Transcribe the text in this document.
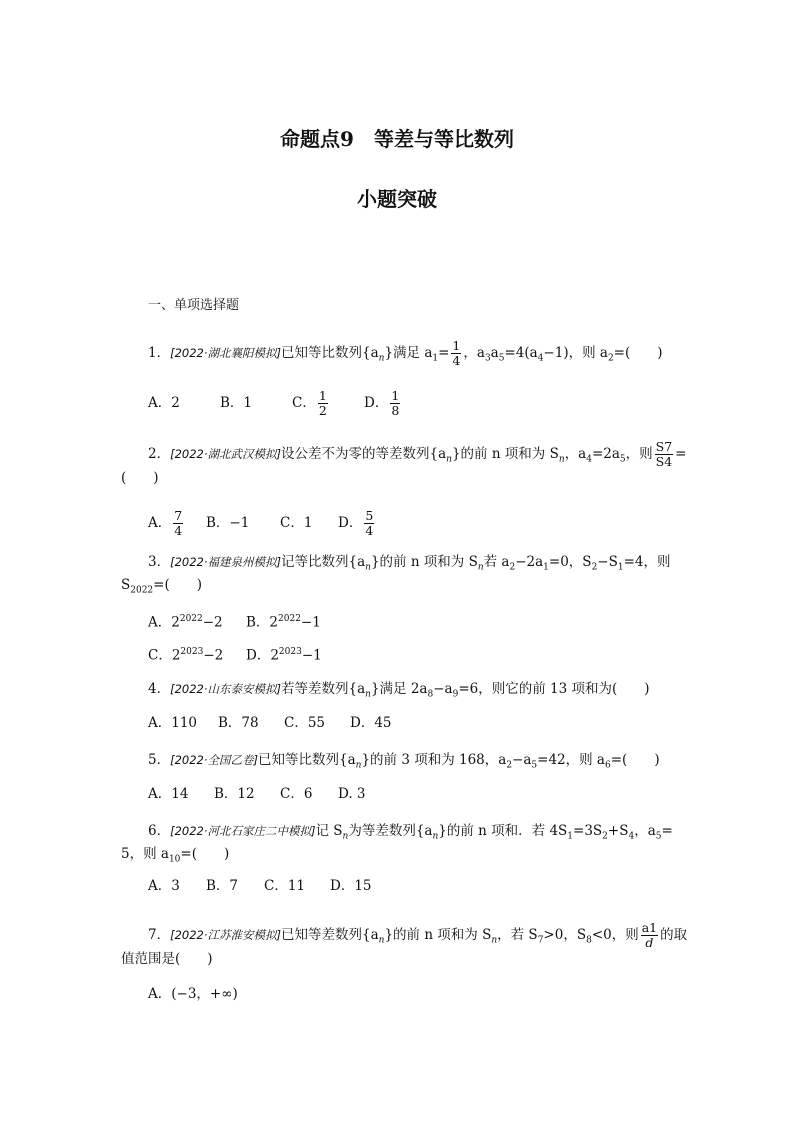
命题点9　等差与等比数列
小题突破
一、单项选择题
1．[2022·湖北襄阳模拟]已知等比数列$\{a_n\}$满足 $a_1= \frac{1}{4}$ ，$a_3a_5=4(a_4-1)$，则 $a_2=$(　　)
A．2	B．1	C． $\frac{1}{2}$	D． $\frac{1}{8}$
2．[2022·湖北武汉模拟]设公差不为零的等差数列$\{a_n\}$的前 n 项和为 $S_n$，$a_4=2a_5$，则 $\frac{S7}{S4}$ =
(　　)
A． $\frac{7}{4}$ B．−1 C．1 D． $\frac{5}{4}$
3．[2022·福建泉州模拟]记等比数列$\{a_n\}$的前 n 项和为 $S_n$若 $a_2-2a_1=0$，$S_2-S_1=4$，则
$S_{2022}=$(　　)
A．$2^{2022}-2$ B．$2^{2022}-1$
C．$2^{2023}-2$ D．$2^{2023}-1$
4．[2022·山东泰安模拟]若等差数列$\{a_n\}$满足 $2a_8-a_9=6$，则它的前 13 项和为(　　)
A．110 B．78 C．55 D．45
5．[2022·全国乙卷]已知等比数列$\{a_n\}$的前 3 项和为 168，$a_2-a_5=42$，则 $a_6=$(　　)
A．14 B．12 C．6 D. 3
6．[2022·河北石家庄二中模拟]记 $S_n$为等差数列$\{a_n\}$的前 n 项和．若 $4S_1=3S_2+S_4$，$a_5=$
5，则 $a_{10}=$(　　)
A．3 B．7 C．11 D．15
7．[2022·江苏淮安模拟]已知等差数列$\{a_n\}$的前 n 项和为 $S_n$，若 $S_7>0$，$S_8<0$，则 $\frac{a1}{d}$ 的取
值范围是(　　)
A．(−3，+∞)
